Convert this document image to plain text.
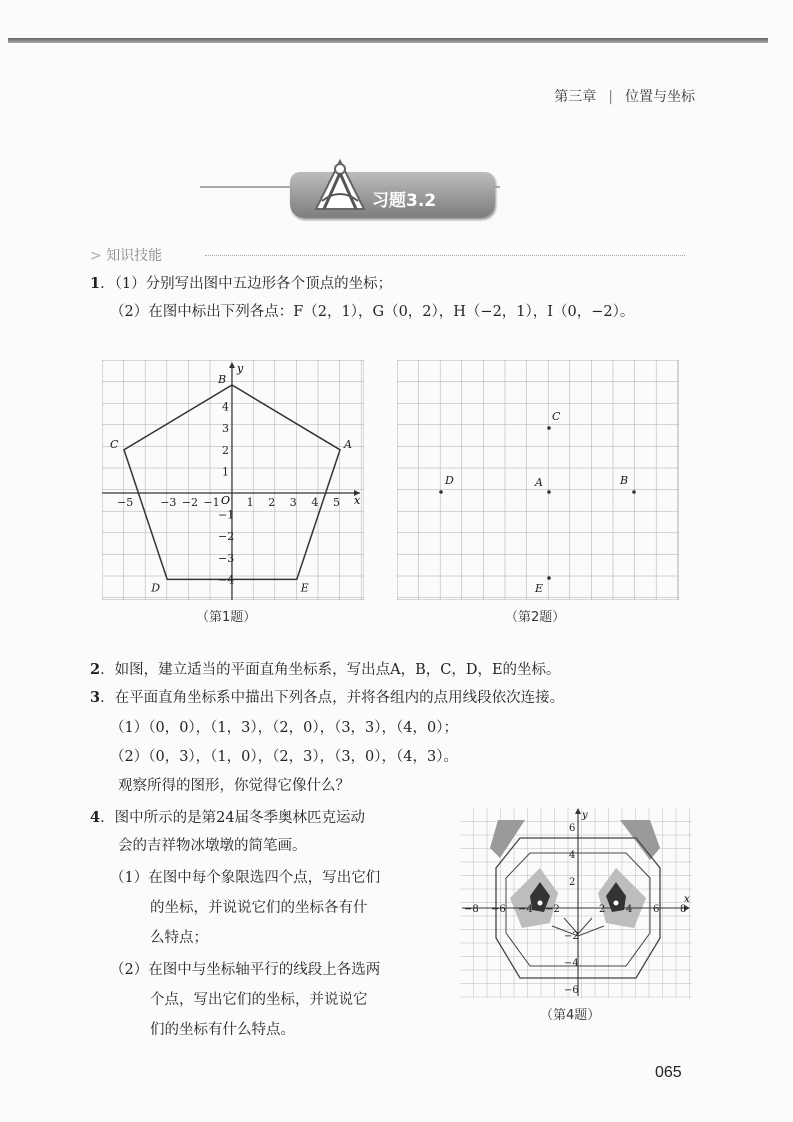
第三章 | 位置与坐标
习题3.2
> 知识技能
1．（1）分别写出图中五边形各个顶点的坐标；
（2）在图中标出下列各点：F（2，1），G（0，2），H（−2，1），I（0，−2）。
A
B
C
D	E
−5 −3 −2 −1 1 2 3 4 5
4
3
2
1
−1
−2
−3
−4
x
y
O
（第1题）
A	B
C
D
E
（第2题）
2．如图，建立适当的平面直角坐标系，写出点A，B，C，D，E的坐标。
3．在平面直角坐标系中描出下列各点，并将各组内的点用线段依次连接。
（1）（0，0），（1，3），（2，0），（3，3），（4，0）；
（2）（0，3），（1，0），（2，3），（3，0），（4，3）。
观察所得的图形，你觉得它像什么？
4．图中所示的是第24届冬季奥林匹克运动
会的吉祥物冰墩墩的简笔画。
（1）在图中每个象限选四个点，写出它们
的坐标，并说说它们的坐标各有什
么特点；
（2）在图中与坐标轴平行的线段上各选两
个点，写出它们的坐标，并说说它
们的坐标有什么特点。
−8 −6 −4 −2	2 4 6 8
6
4
2
−2
−4
−6
x
y
（第4题）
065
